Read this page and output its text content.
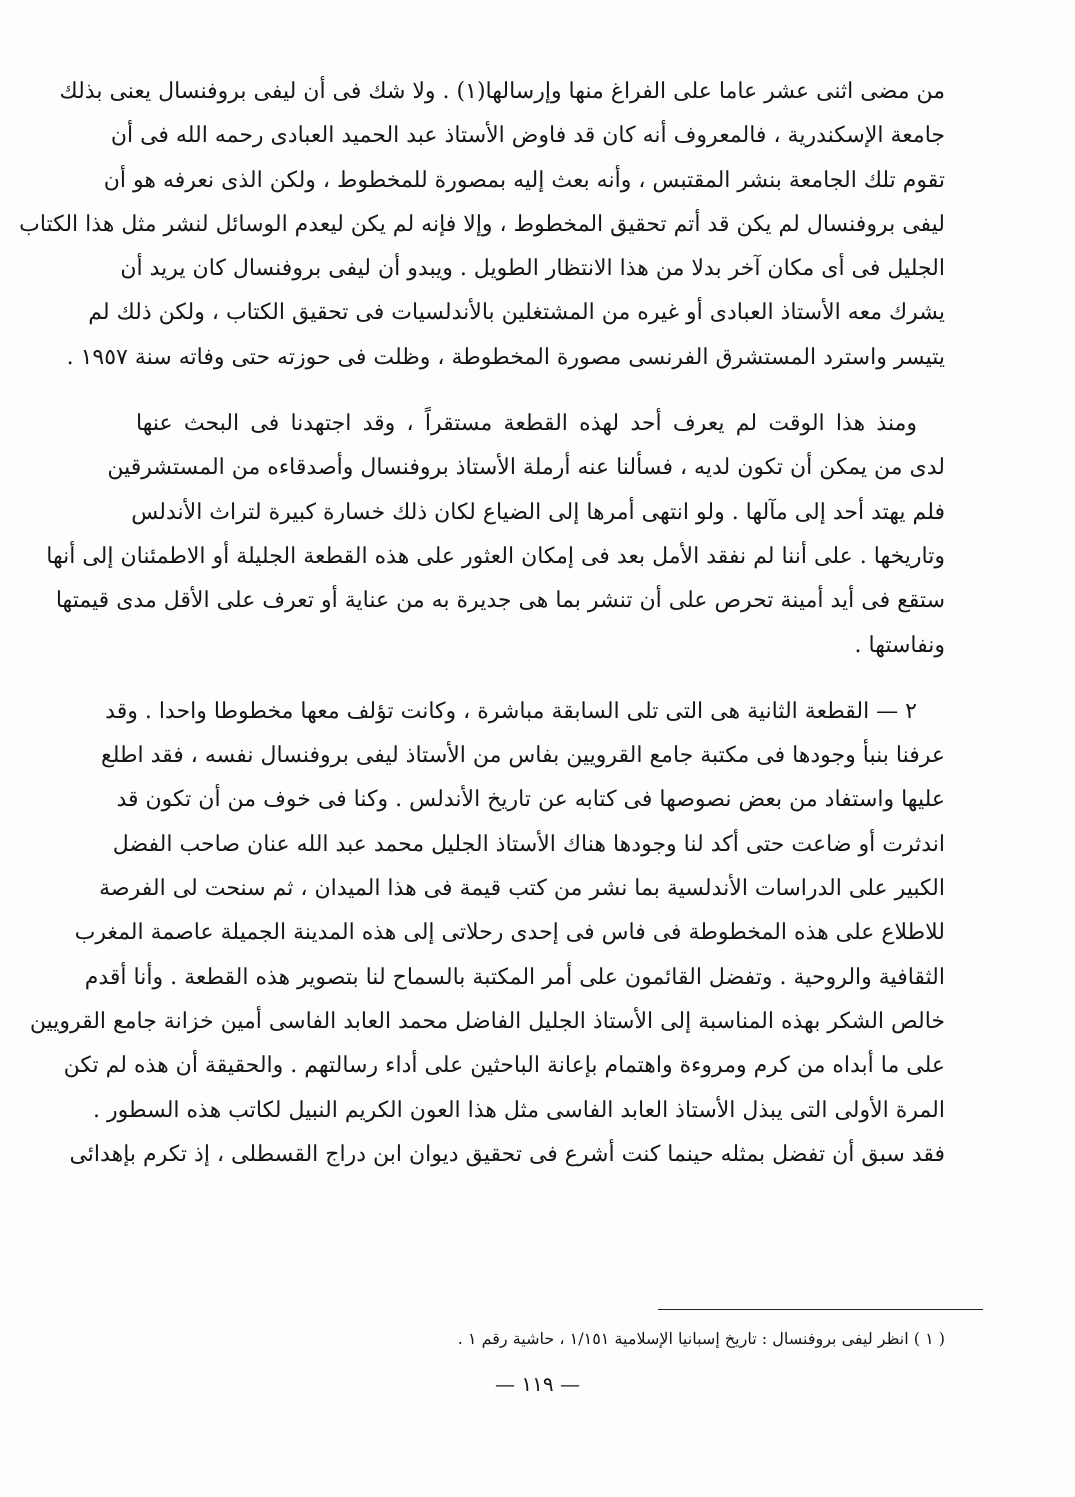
من مضى اثنى عشر عاما على الفراغ منها وإرسالها(١) . ولا شك فى أن ليفى بروفنسال يعنى بذلك
جامعة الإسكندرية ، فالمعروف أنه كان قد فاوض الأستاذ عبد الحميد العبادى رحمه الله فى أن
تقوم تلك الجامعة بنشر المقتبس ، وأنه بعث إليه بمصورة للمخطوط ، ولكن الذى نعرفه هو أن
ليفى بروفنسال لم يكن قد أتم تحقيق المخطوط ، وإلا فإنه لم يكن ليعدم الوسائل لنشر مثل هذا الكتاب
الجليل فى أى مكان آخر بدلا من هذا الانتظار الطويل . ويبدو أن ليفى بروفنسال كان يريد أن
يشرك معه الأستاذ العبادى أو غيره من المشتغلين بالأندلسيات فى تحقيق الكتاب ، ولكن ذلك لم
يتيسر واسترد المستشرق الفرنسى مصورة المخطوطة ، وظلت فى حوزته حتى وفاته سنة ١٩٥٧ .

ومنذ هذا الوقت لم يعرف أحد لهذه القطعة مستقراً ، وقد اجتهدنا فى البحث عنها
لدى من يمكن أن تكون لديه ، فسألنا عنه أرملة الأستاذ بروفنسال وأصدقاءه من المستشرقين
فلم يهتد أحد إلى مآلها . ولو انتهى أمرها إلى الضياع لكان ذلك خسارة كبيرة لتراث الأندلس
وتاريخها . على أننا لم نفقد الأمل بعد فى إمكان العثور على هذه القطعة الجليلة أو الاطمئنان إلى أنها
ستقع فى أيد أمينة تحرص على أن تنشر بما هى جديرة به من عناية أو تعرف على الأقل مدى قيمتها
ونفاستها .

٢ — القطعة الثانية هى التى تلى السابقة مباشرة ، وكانت تؤلف معها مخطوطا واحدا . وقد
عرفنا بنبأ وجودها فى مكتبة جامع القرويين بفاس من الأستاذ ليفى بروفنسال نفسه ، فقد اطلع
عليها واستفاد من بعض نصوصها فى كتابه عن تاريخ الأندلس . وكنا فى خوف من أن تكون قد
اندثرت أو ضاعت حتى أكد لنا وجودها هناك الأستاذ الجليل محمد عبد الله عنان صاحب الفضل
الكبير على الدراسات الأندلسية بما نشر من كتب قيمة فى هذا الميدان ، ثم سنحت لى الفرصة
للاطلاع على هذه المخطوطة فى فاس فى إحدى رحلاتى إلى هذه المدينة الجميلة عاصمة المغرب
الثقافية والروحية . وتفضل القائمون على أمر المكتبة بالسماح لنا بتصوير هذه القطعة . وأنا أقدم
خالص الشكر بهذه المناسبة إلى الأستاذ الجليل الفاضل محمد العابد الفاسى أمين خزانة جامع القرويين
على ما أبداه من كرم ومروءة واهتمام بإعانة الباحثين على أداء رسالتهم . والحقيقة أن هذه لم تكن
المرة الأولى التى يبذل الأستاذ العابد الفاسى مثل هذا العون الكريم النبيل لكاتب هذه السطور .
فقد سبق أن تفضل بمثله حينما كنت أشرع فى تحقيق ديوان ابن دراج القسطلى ، إذ تكرم بإهدائى

( ١ ) انظر ليفى بروفنسال : تاريخ إسبانيا الإسلامية ١/١٥١ ، حاشية رقم ١ .
— ١١٩ —
